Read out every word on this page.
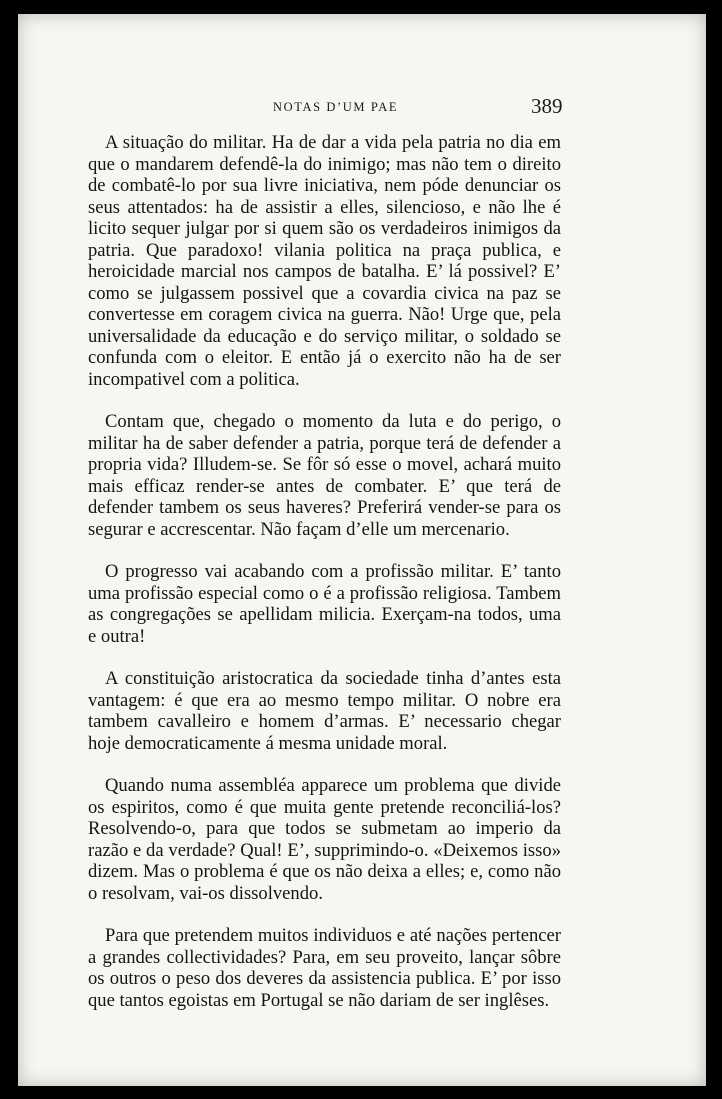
NOTAS D’UM PAE	389

A situação do militar. Ha de dar a vida pela patria no dia em que o mandarem defendê-la do inimigo; mas não tem o direito de combatê-lo por sua livre iniciativa, nem póde denunciar os seus attentados: ha de assistir a elles, silencioso, e não lhe é licito sequer julgar por si quem são os verdadeiros inimigos da patria. Que paradoxo! vilania politica na praça publica, e heroicidade marcial nos campos de batalha. E’ lá possivel? E’ como se julgassem possivel que a covardia civica na paz se convertesse em coragem civica na guerra. Não! Urge que, pela universalidade da educação e do serviço militar, o soldado se confunda com o eleitor. E então já o exercito não ha de ser incompativel com a politica.

Contam que, chegado o momento da luta e do perigo, o militar ha de saber defender a patria, porque terá de defender a propria vida? Illudem-se. Se fôr só esse o movel, achará muito mais efficaz render-se antes de combater. E’ que terá de defender tambem os seus haveres? Preferirá vender-se para os segurar e accrescentar. Não façam d’elle um mercenario.

O progresso vai acabando com a profissão militar. E’ tanto uma profissão especial como o é a profissão religiosa. Tambem as congregações se apellidam milicia. Exerçam-na todos, uma e outra!

A constituição aristocratica da sociedade tinha d’antes esta vantagem: é que era ao mesmo tempo militar. O nobre era tambem cavalleiro e homem d’armas. E’ necessario chegar hoje democraticamente á mesma unidade moral.

Quando numa assembléa apparece um problema que divide os espiritos, como é que muita gente pretende reconciliá-los? Resolvendo-o, para que todos se submetam ao imperio da razão e da verdade? Qual! E’, supprimindo-o. «Deixemos isso» dizem. Mas o problema é que os não deixa a elles; e, como não o resolvam, vai-os dissolvendo.

Para que pretendem muitos individuos e até nações pertencer a grandes collectividades? Para, em seu proveito, lançar sôbre os outros o peso dos deveres da assistencia publica. E’ por isso que tantos egoistas em Portugal se não dariam de ser inglêses.
